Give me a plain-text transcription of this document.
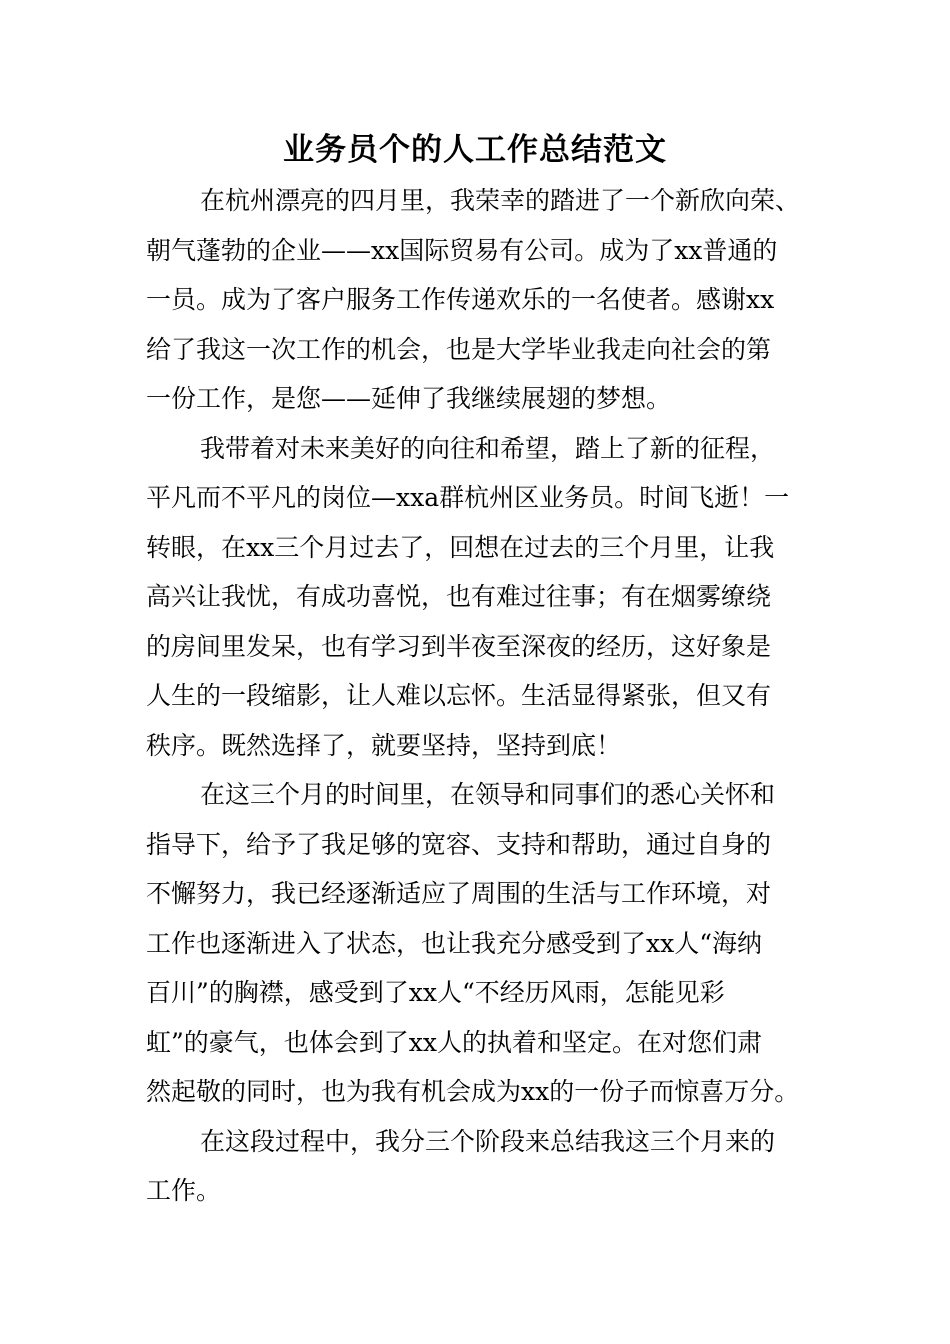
业务员个的人工作总结范文
在杭州漂亮的四月里，我荣幸的踏进了一个新欣向荣、
朝气蓬勃的企业——xx国际贸易有公司。成为了xx普通的
一员。成为了客户服务工作传递欢乐的一名使者。感谢xx
给了我这一次工作的机会，也是大学毕业我走向社会的第
一份工作，是您——延伸了我继续展翅的梦想。
我带着对未来美好的向往和希望，踏上了新的征程，
平凡而不平凡的岗位—xxa群杭州区业务员。时间飞逝！一
转眼，在xx三个月过去了，回想在过去的三个月里，让我
高兴让我忧，有成功喜悦，也有难过往事；有在烟雾缭绕
的房间里发呆，也有学习到半夜至深夜的经历，这好象是
人生的一段缩影，让人难以忘怀。生活显得紧张，但又有
秩序。既然选择了，就要坚持，坚持到底！
在这三个月的时间里，在领导和同事们的悉心关怀和
指导下，给予了我足够的宽容、支持和帮助，通过自身的
不懈努力，我已经逐渐适应了周围的生活与工作环境，对
工作也逐渐进入了状态，也让我充分感受到了xx人“海纳
百川”的胸襟，感受到了xx人“不经历风雨，怎能见彩
虹”的豪气，也体会到了xx人的执着和坚定。在对您们肃
然起敬的同时，也为我有机会成为xx的一份子而惊喜万分。
在这段过程中，我分三个阶段来总结我这三个月来的
工作。
